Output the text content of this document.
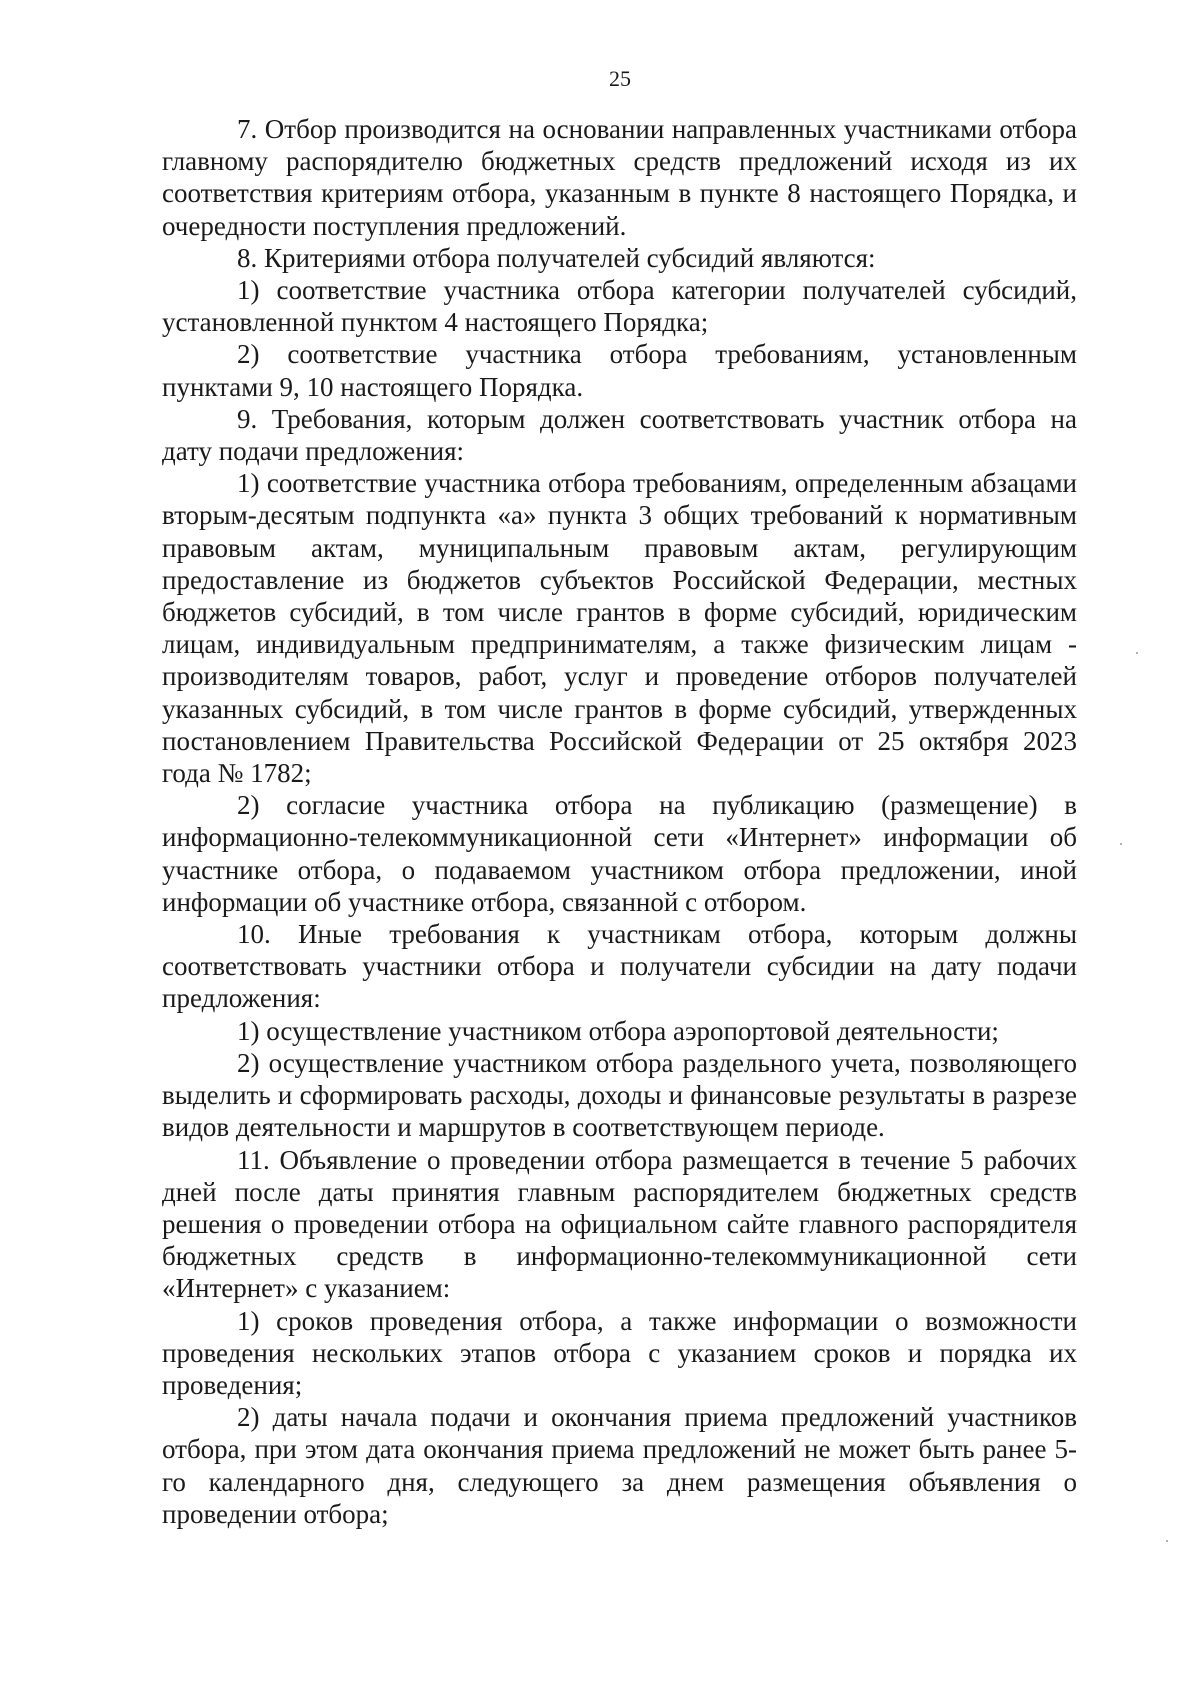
25

7. Отбор производится на основании направленных участниками отбора главному распорядителю бюджетных средств предложений исходя из их соответствия критериям отбора, указанным в пункте 8 настоящего Порядка, и очередности поступления предложений.

8. Критериями отбора получателей субсидий являются:

1) соответствие участника отбора категории получателей субсидий, установленной пунктом 4 настоящего Порядка;

2) соответствие участника отбора требованиям, установленным пунктами 9, 10 настоящего Порядка.

9. Требования, которым должен соответствовать участник отбора на дату подачи предложения:

1) соответствие участника отбора требованиям, определенным абзацами вторым-десятым подпункта «а» пункта 3 общих требований к нормативным правовым актам, муниципальным правовым актам, регулирующим предоставление из бюджетов субъектов Российской Федерации, местных бюджетов субсидий, в том числе грантов в форме субсидий, юридическим лицам, индивидуальным предпринимателям, а также физическим лицам - производителям товаров, работ, услуг и проведение отборов получателей указанных субсидий, в том числе грантов в форме субсидий, утвержденных постановлением Правительства Российской Федерации от 25 октября 2023 года № 1782;

2) согласие участника отбора на публикацию (размещение) в информационно-телекоммуникационной сети «Интернет» информации об участнике отбора, о подаваемом участником отбора предложении, иной информации об участнике отбора, связанной с отбором.

10. Иные требования к участникам отбора, которым должны соответствовать участники отбора и получатели субсидии на дату подачи предложения:

1) осуществление участником отбора аэропортовой деятельности;

2) осуществление участником отбора раздельного учета, позволяющего выделить и сформировать расходы, доходы и финансовые результаты в разрезе видов деятельности и маршрутов в соответствующем периоде.

11. Объявление о проведении отбора размещается в течение 5 рабочих дней после даты принятия главным распорядителем бюджетных средств решения о проведении отбора на официальном сайте главного распорядителя бюджетных средств в информационно-телекоммуникационной сети «Интернет» с указанием:

1) сроков проведения отбора, а также информации о возможности проведения нескольких этапов отбора с указанием сроков и порядка их проведения;

2) даты начала подачи и окончания приема предложений участников отбора, при этом дата окончания приема предложений не может быть ранее 5-го календарного дня, следующего за днем размещения объявления о проведении отбора;
